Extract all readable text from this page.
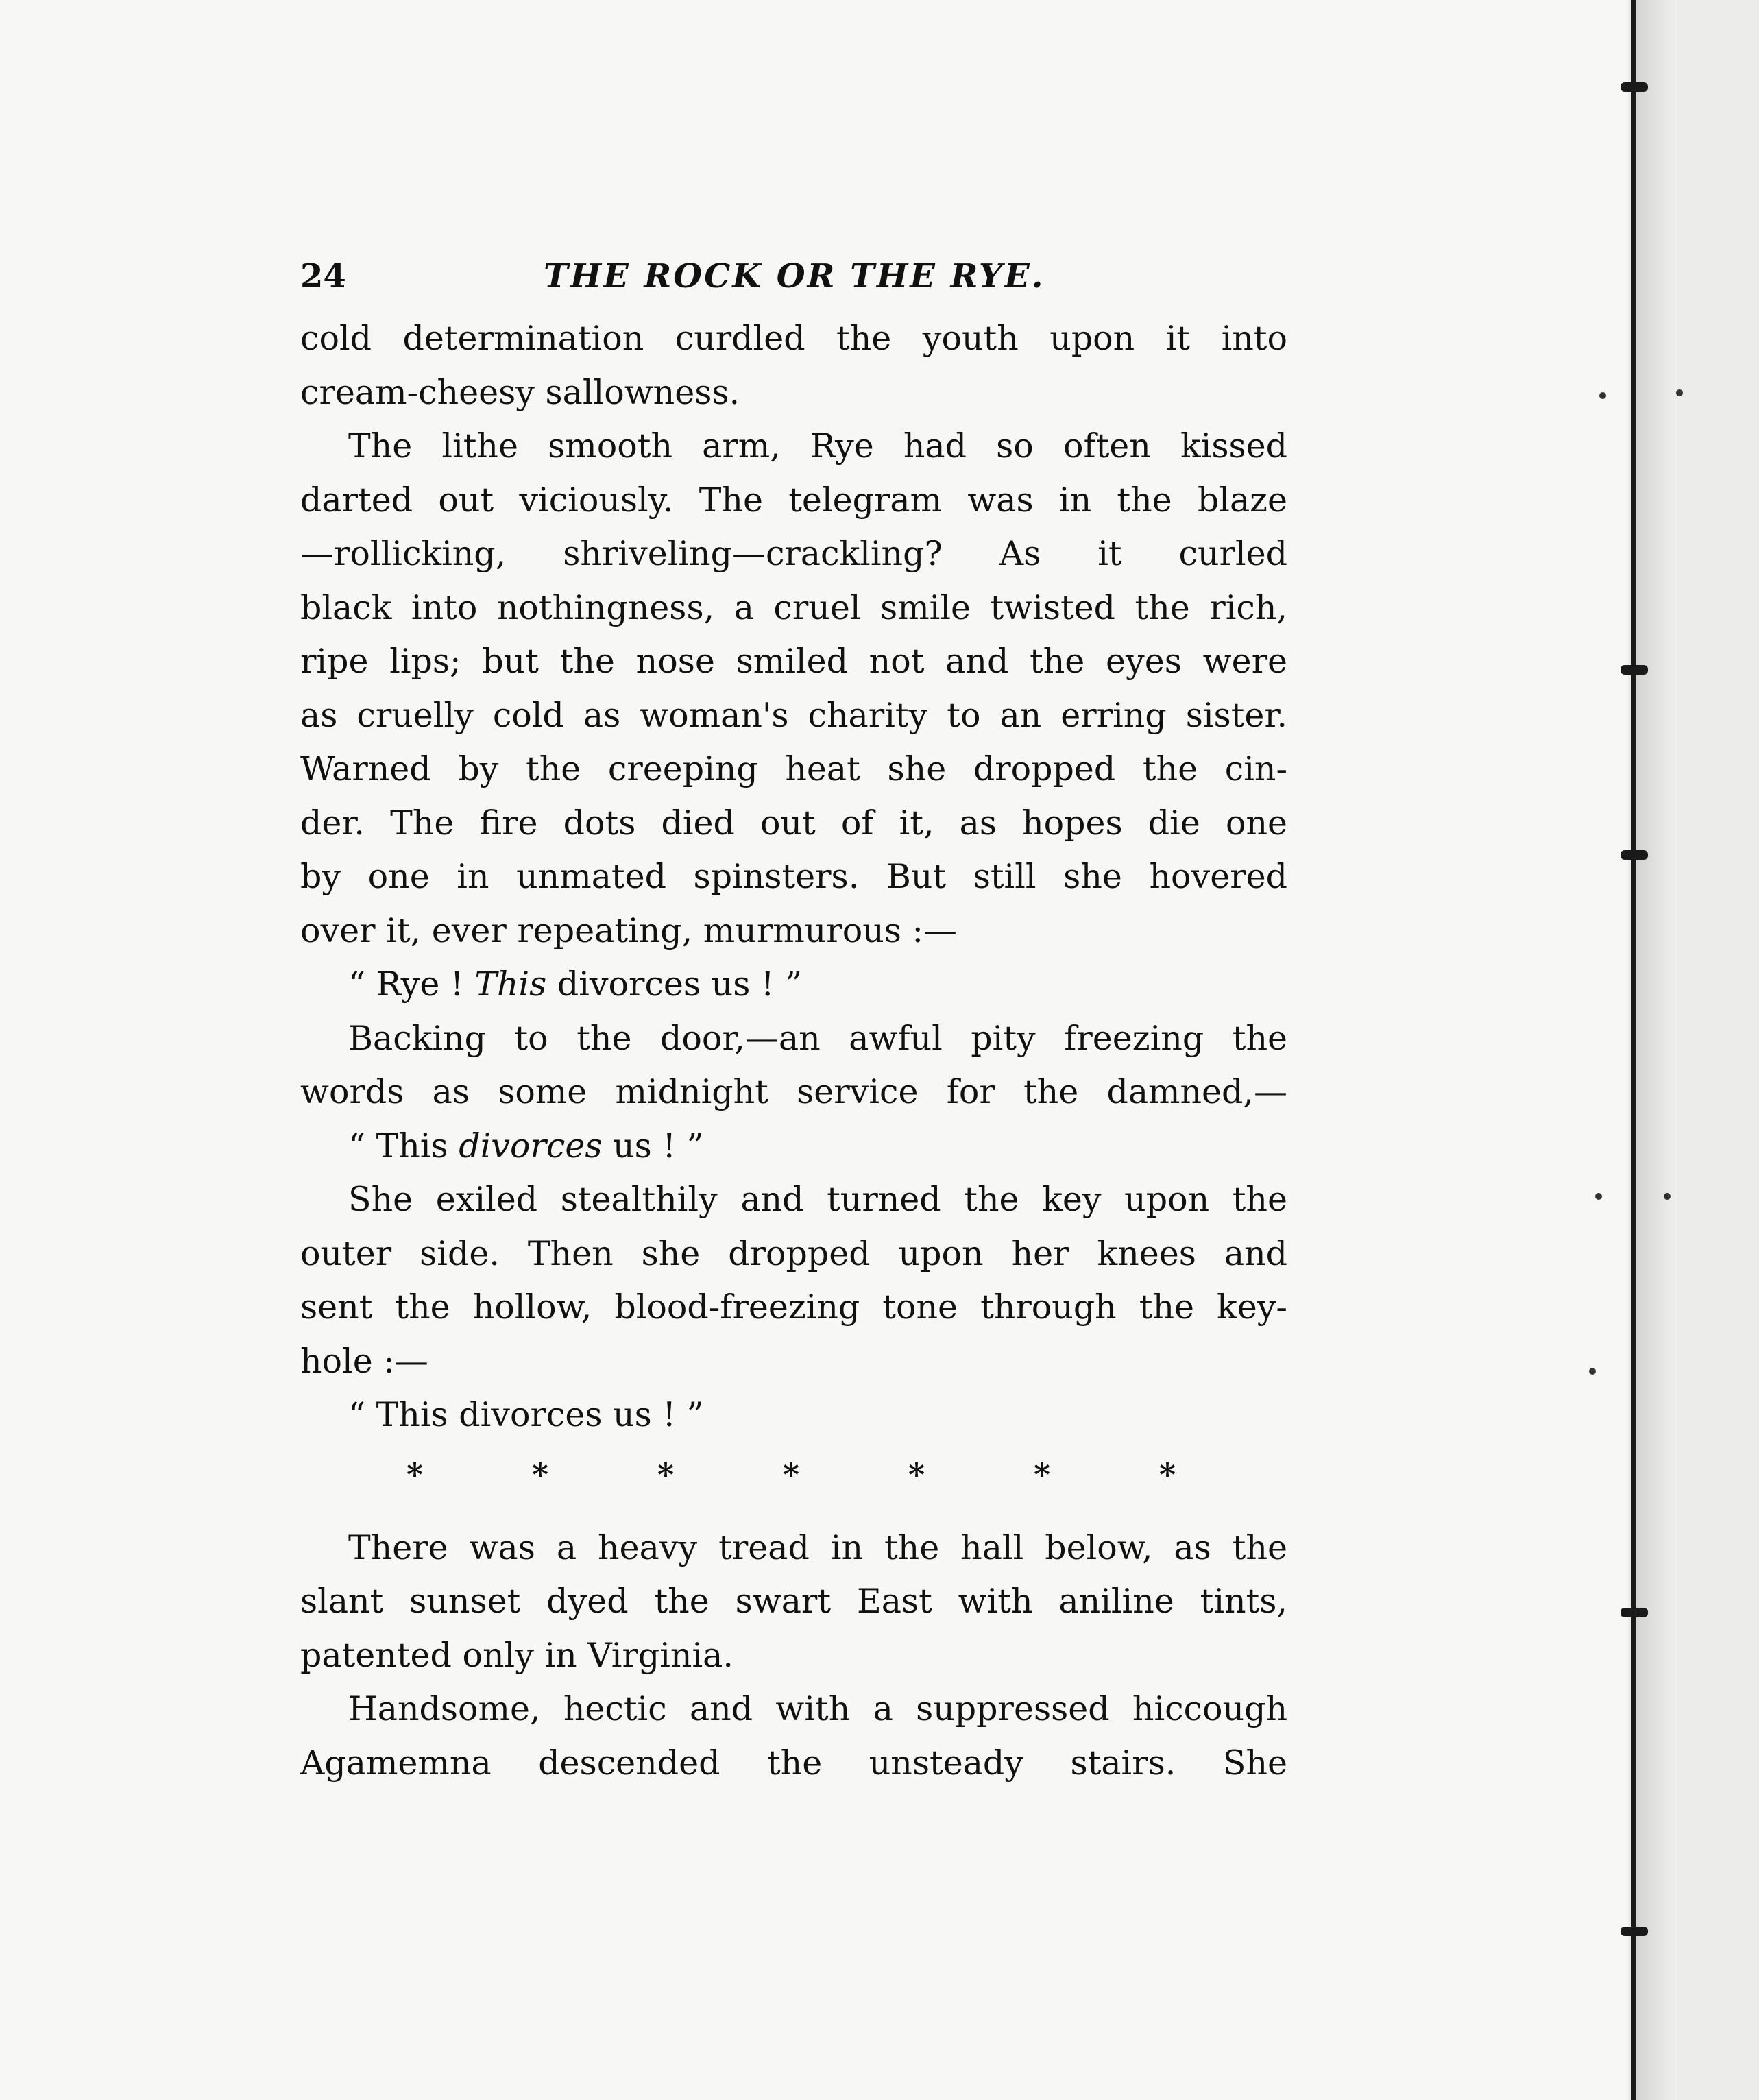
24	THE ROCK OR THE RYE.
cold determination curdled the youth upon it into
cream-cheesy sallowness.
The lithe smooth arm, Rye had so often kissed
darted out viciously. The telegram was in the blaze
—rollicking, shriveling—crackling? As it curled
black into nothingness, a cruel smile twisted the rich,
ripe lips; but the nose smiled not and the eyes were
as cruelly cold as woman's charity to an erring sister.
Warned by the creeping heat she dropped the cin-
der. The fire dots died out of it, as hopes die one
by one in unmated spinsters. But still she hovered
over it, ever repeating, murmurous :—
“ Rye ! This divorces us ! ”
Backing to the door,—an awful pity freezing the
words as some midnight service for the damned,—
“ This divorces us ! ”
She exiled stealthily and turned the key upon the
outer side. Then she dropped upon her knees and
sent the hollow, blood-freezing tone through the key-
hole :—
“ This divorces us ! ”
*	*	*	*	*	*	*
There was a heavy tread in the hall below, as the
slant sunset dyed the swart East with aniline tints,
patented only in Virginia.
Handsome, hectic and with a suppressed hiccough
Agamemna descended the unsteady stairs. She
